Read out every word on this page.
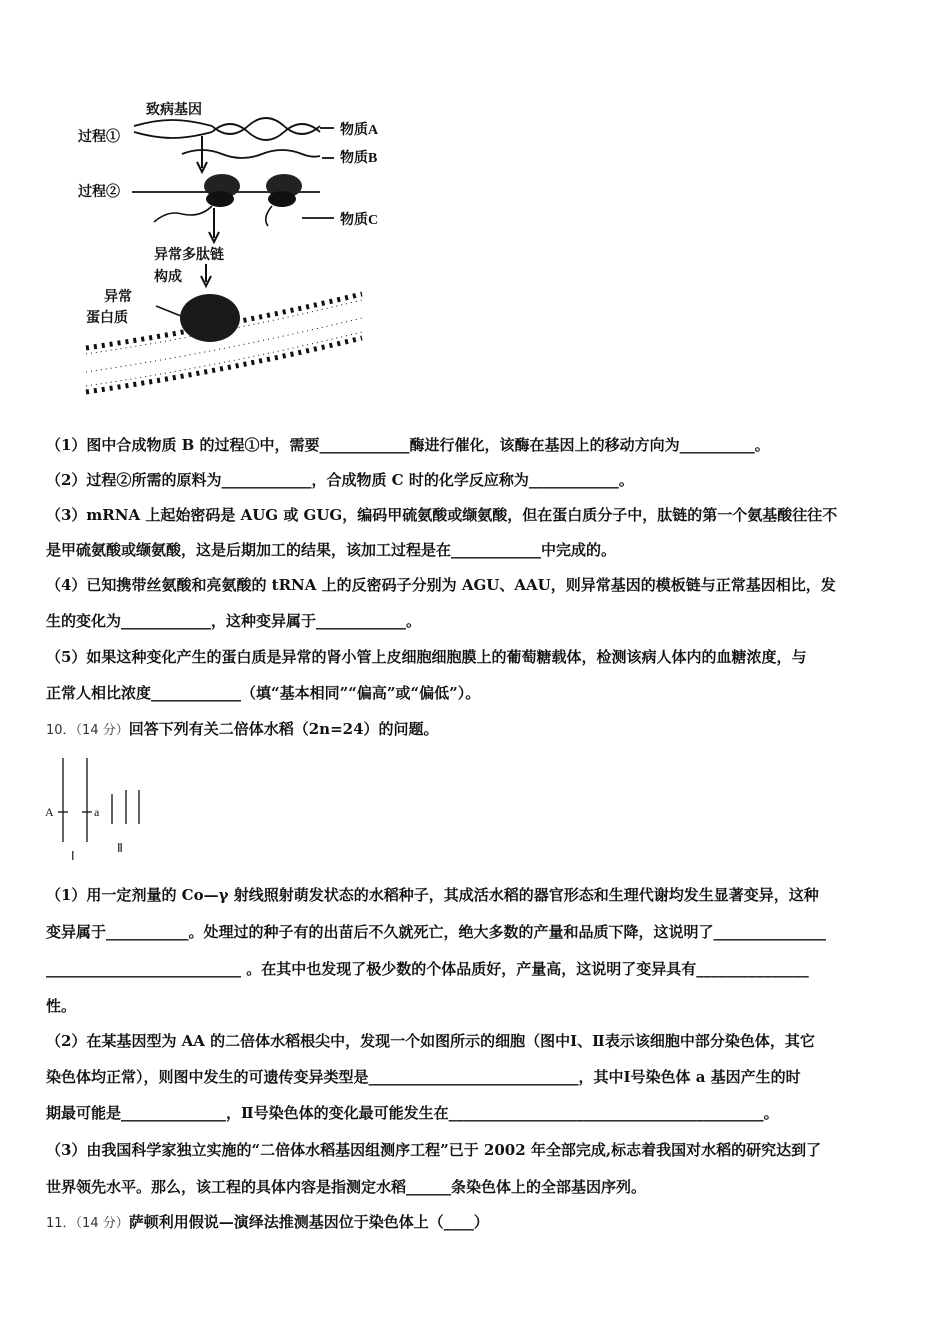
致病基因
过程①	物质A
物质B
过程②
物质C
异常多肽链
构成
异常
蛋白质
（1）图中合成物质 B 的过程①中，需要____________酶进行催化，该酶在基因上的移动方向为__________。
（2）过程②所需的原料为____________，合成物质 C 时的化学反应称为____________。
（3）mRNA 上起始密码是 AUG 或 GUG，编码甲硫氨酸或缬氨酸，但在蛋白质分子中，肽链的第一个氨基酸往往不
是甲硫氨酸或缬氨酸，这是后期加工的结果，该加工过程是在____________中完成的。
（4）已知携带丝氨酸和亮氨酸的 tRNA 上的反密码子分别为 AGU、AAU，则异常基因的模板链与正常基因相比，发
生的变化为____________，这种变异属于____________。
（5）如果这种变化产生的蛋白质是异常的肾小管上皮细胞细胞膜上的葡萄糖载体，检测该病人体内的血糖浓度，与
正常人相比浓度____________（填“基本相同”“偏高”或“偏低”）。
10．（14 分）回答下列有关二倍体水稻（2n=24）的问题。
A	a
Ⅰ
Ⅱ
（1）用一定剂量的 Co—γ 射线照射萌发状态的水稻种子，其成活水稻的器官形态和生理代谢均发生显著变异，这种
变异属于___________。处理过的种子有的出苗后不久就死亡，绝大多数的产量和品质下降，这说明了_______________
__________________________ 。在其中也发现了极少数的个体品质好，产量高，这说明了变异具有_______________
性。
（2）在某基因型为 AA 的二倍体水稻根尖中，发现一个如图所示的细胞（图中Ⅰ、Ⅱ表示该细胞中部分染色体，其它
染色体均正常），则图中发生的可遗传变异类型是____________________________，其中Ⅰ号染色体 a 基因产生的时
期最可能是______________，Ⅱ号染色体的变化最可能发生在__________________________________________。
（3）由我国科学家独立实施的“二倍体水稻基因组测序工程”已于 2002 年全部完成,标志着我国对水稻的研究达到了
世界领先水平。那么，该工程的具体内容是指测定水稻______条染色体上的全部基因序列。
11．（14 分）萨顿利用假说—演绎法推测基因位于染色体上（____）
